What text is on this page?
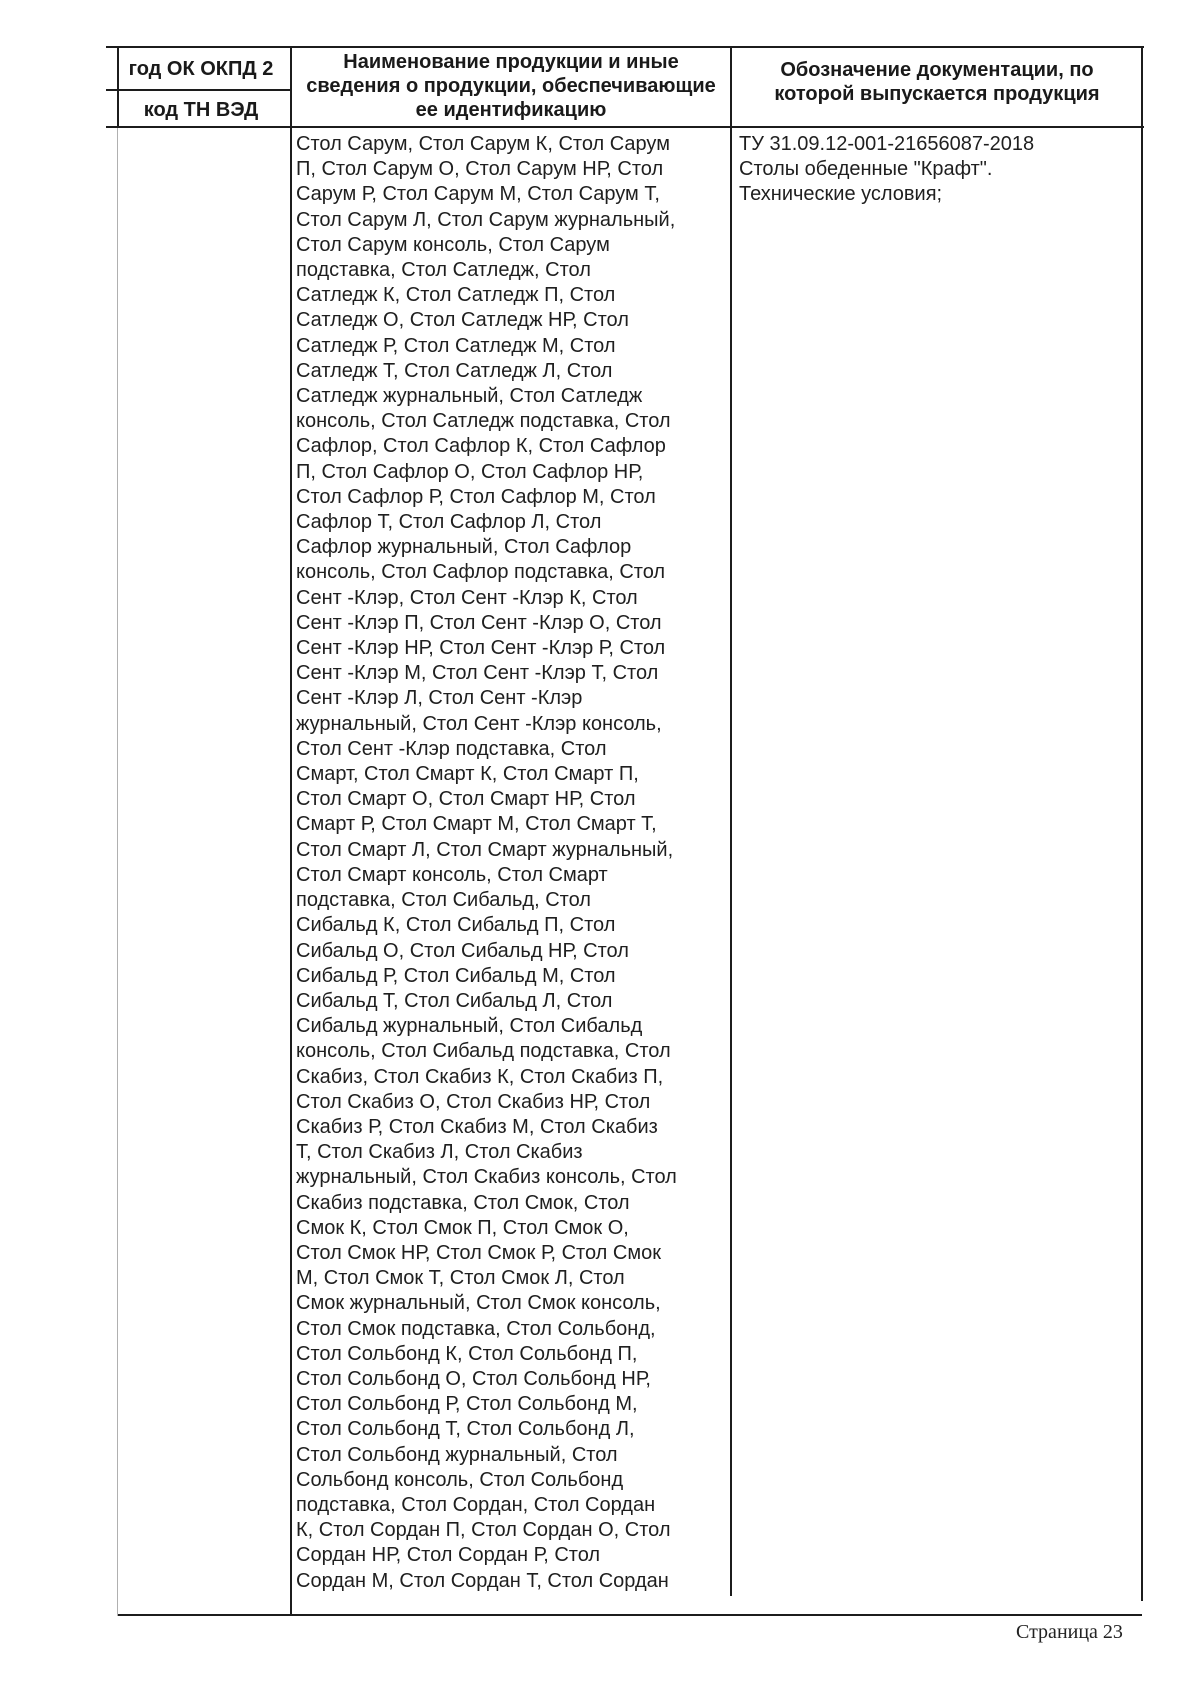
год ОК ОКПД 2
код ТН ВЭД
Наименование продукции и иные сведения о продукции, обеспечивающие ее идентификацию
Обозначение документации, по которой выпускается продукция
Стол Сарум, Стол Сарум К, Стол Сарум
П, Стол Сарум О, Стол Сарум НР, Стол
Сарум Р, Стол Сарум М, Стол Сарум Т,
Стол Сарум Л, Стол Сарум журнальный,
Стол Сарум консоль, Стол Сарум
подставка, Стол Сатледж, Стол
Сатледж К, Стол Сатледж П, Стол
Сатледж О, Стол Сатледж НР, Стол
Сатледж Р, Стол Сатледж М, Стол
Сатледж Т, Стол Сатледж Л, Стол
Сатледж журнальный, Стол Сатледж
консоль, Стол Сатледж подставка, Стол
Сафлор, Стол Сафлор К, Стол Сафлор
П, Стол Сафлор О, Стол Сафлор НР,
Стол Сафлор Р, Стол Сафлор М, Стол
Сафлор Т, Стол Сафлор Л, Стол
Сафлор журнальный, Стол Сафлор
консоль, Стол Сафлор подставка, Стол
Сент -Клэр, Стол Сент -Клэр К, Стол
Сент -Клэр П, Стол Сент -Клэр О, Стол
Сент -Клэр НР, Стол Сент -Клэр Р, Стол
Сент -Клэр М, Стол Сент -Клэр Т, Стол
Сент -Клэр Л, Стол Сент -Клэр
журнальный, Стол Сент -Клэр консоль,
Стол Сент -Клэр подставка, Стол
Смарт, Стол Смарт К, Стол Смарт П,
Стол Смарт О, Стол Смарт НР, Стол
Смарт Р, Стол Смарт М, Стол Смарт Т,
Стол Смарт Л, Стол Смарт журнальный,
Стол Смарт консоль, Стол Смарт
подставка, Стол Сибальд, Стол
Сибальд К, Стол Сибальд П, Стол
Сибальд О, Стол Сибальд НР, Стол
Сибальд Р, Стол Сибальд М, Стол
Сибальд Т, Стол Сибальд Л, Стол
Сибальд журнальный, Стол Сибальд
консоль, Стол Сибальд подставка, Стол
Скабиз, Стол Скабиз К, Стол Скабиз П,
Стол Скабиз О, Стол Скабиз НР, Стол
Скабиз Р, Стол Скабиз М, Стол Скабиз
Т, Стол Скабиз Л, Стол Скабиз
журнальный, Стол Скабиз консоль, Стол
Скабиз подставка, Стол Смок, Стол
Смок К, Стол Смок П, Стол Смок О,
Стол Смок НР, Стол Смок Р, Стол Смок
М, Стол Смок Т, Стол Смок Л, Стол
Смок журнальный, Стол Смок консоль,
Стол Смок подставка, Стол Сольбонд,
Стол Сольбонд К, Стол Сольбонд П,
Стол Сольбонд О, Стол Сольбонд НР,
Стол Сольбонд Р, Стол Сольбонд М,
Стол Сольбонд Т, Стол Сольбонд Л,
Стол Сольбонд журнальный, Стол
Сольбонд консоль, Стол Сольбонд
подставка, Стол Сордан, Стол Сордан
К, Стол Сордан П, Стол Сордан О, Стол
Сордан НР, Стол Сордан Р, Стол
Сордан М, Стол Сордан Т, Стол Сордан
ТУ 31.09.12-001-21656087-2018
Столы обеденные "Крафт".
Технические условия;
Страница 23
